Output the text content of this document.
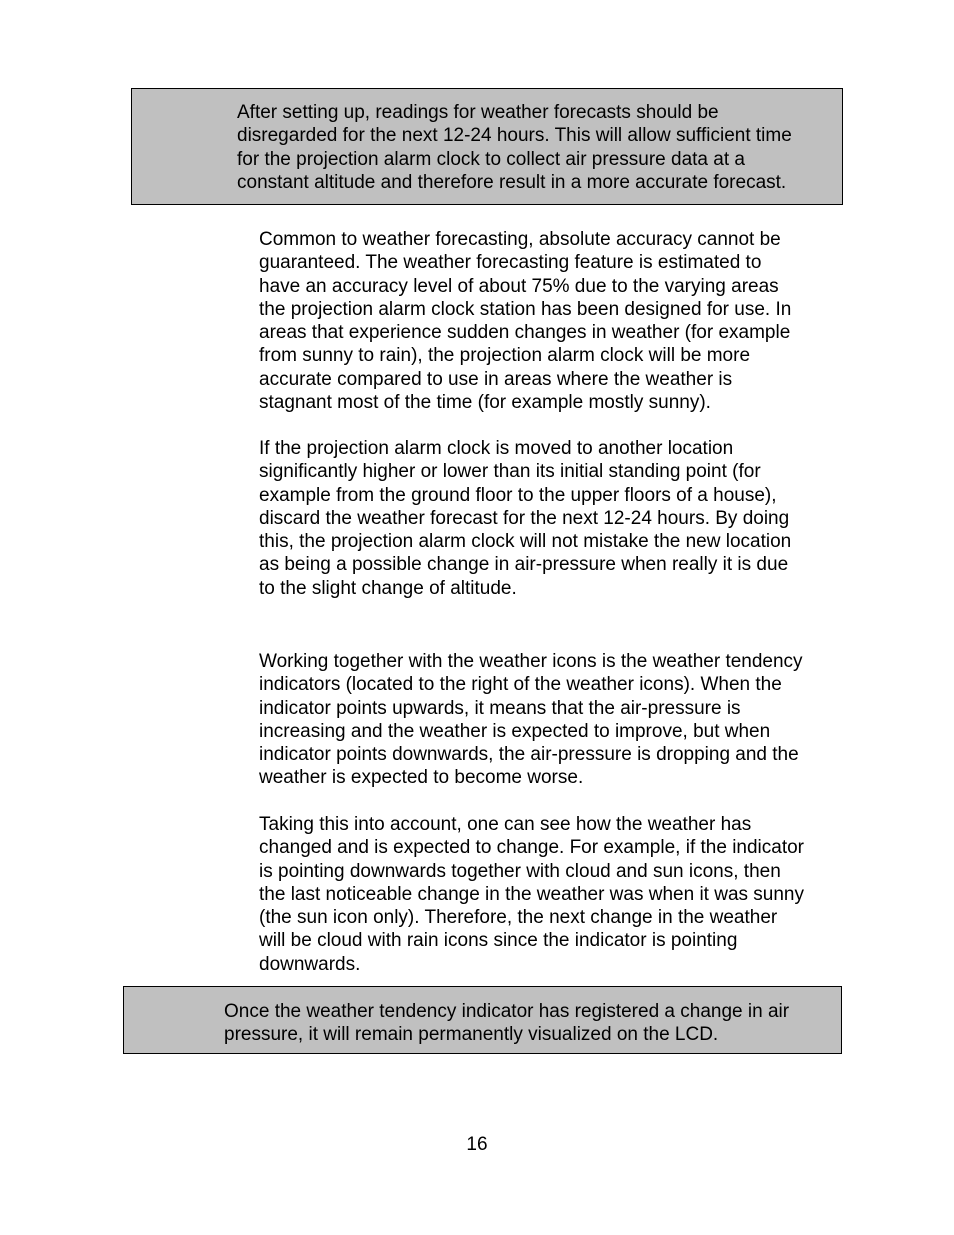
After setting up, readings for weather forecasts should be
disregarded for the next 12-24 hours. This will allow sufficient time
for the projection alarm clock to collect air pressure data at a
constant altitude and therefore result in a more accurate forecast.

Common to weather forecasting, absolute accuracy cannot be
guaranteed. The weather forecasting feature is estimated to
have an accuracy level of about 75% due to the varying areas
the projection alarm clock station has been designed for use. In
areas that experience sudden changes in weather (for example
from sunny to rain), the projection alarm clock will be more
accurate compared to use in areas where the weather is
stagnant most of the time (for example mostly sunny).

If the projection alarm clock is moved to another location
significantly higher or lower than its initial standing point (for
example from the ground floor to the upper floors of a house),
discard the weather forecast for the next 12-24 hours. By doing
this, the projection alarm clock will not mistake the new location
as being a possible change in air-pressure when really it is due
to the slight change of altitude.

Working together with the weather icons is the weather tendency
indicators (located to the right of the weather icons). When the
indicator points upwards, it means that the air-pressure is
increasing and the weather is expected to improve, but when
indicator points downwards, the air-pressure is dropping and the
weather is expected to become worse.

Taking this into account, one can see how the weather has
changed and is expected to change. For example, if the indicator
is pointing downwards together with cloud and sun icons, then
the last noticeable change in the weather was when it was sunny
(the sun icon only). Therefore, the next change in the weather
will be cloud with rain icons since the indicator is pointing
downwards.

Once the weather tendency indicator has registered a change in air
pressure, it will remain permanently visualized on the LCD.

16
